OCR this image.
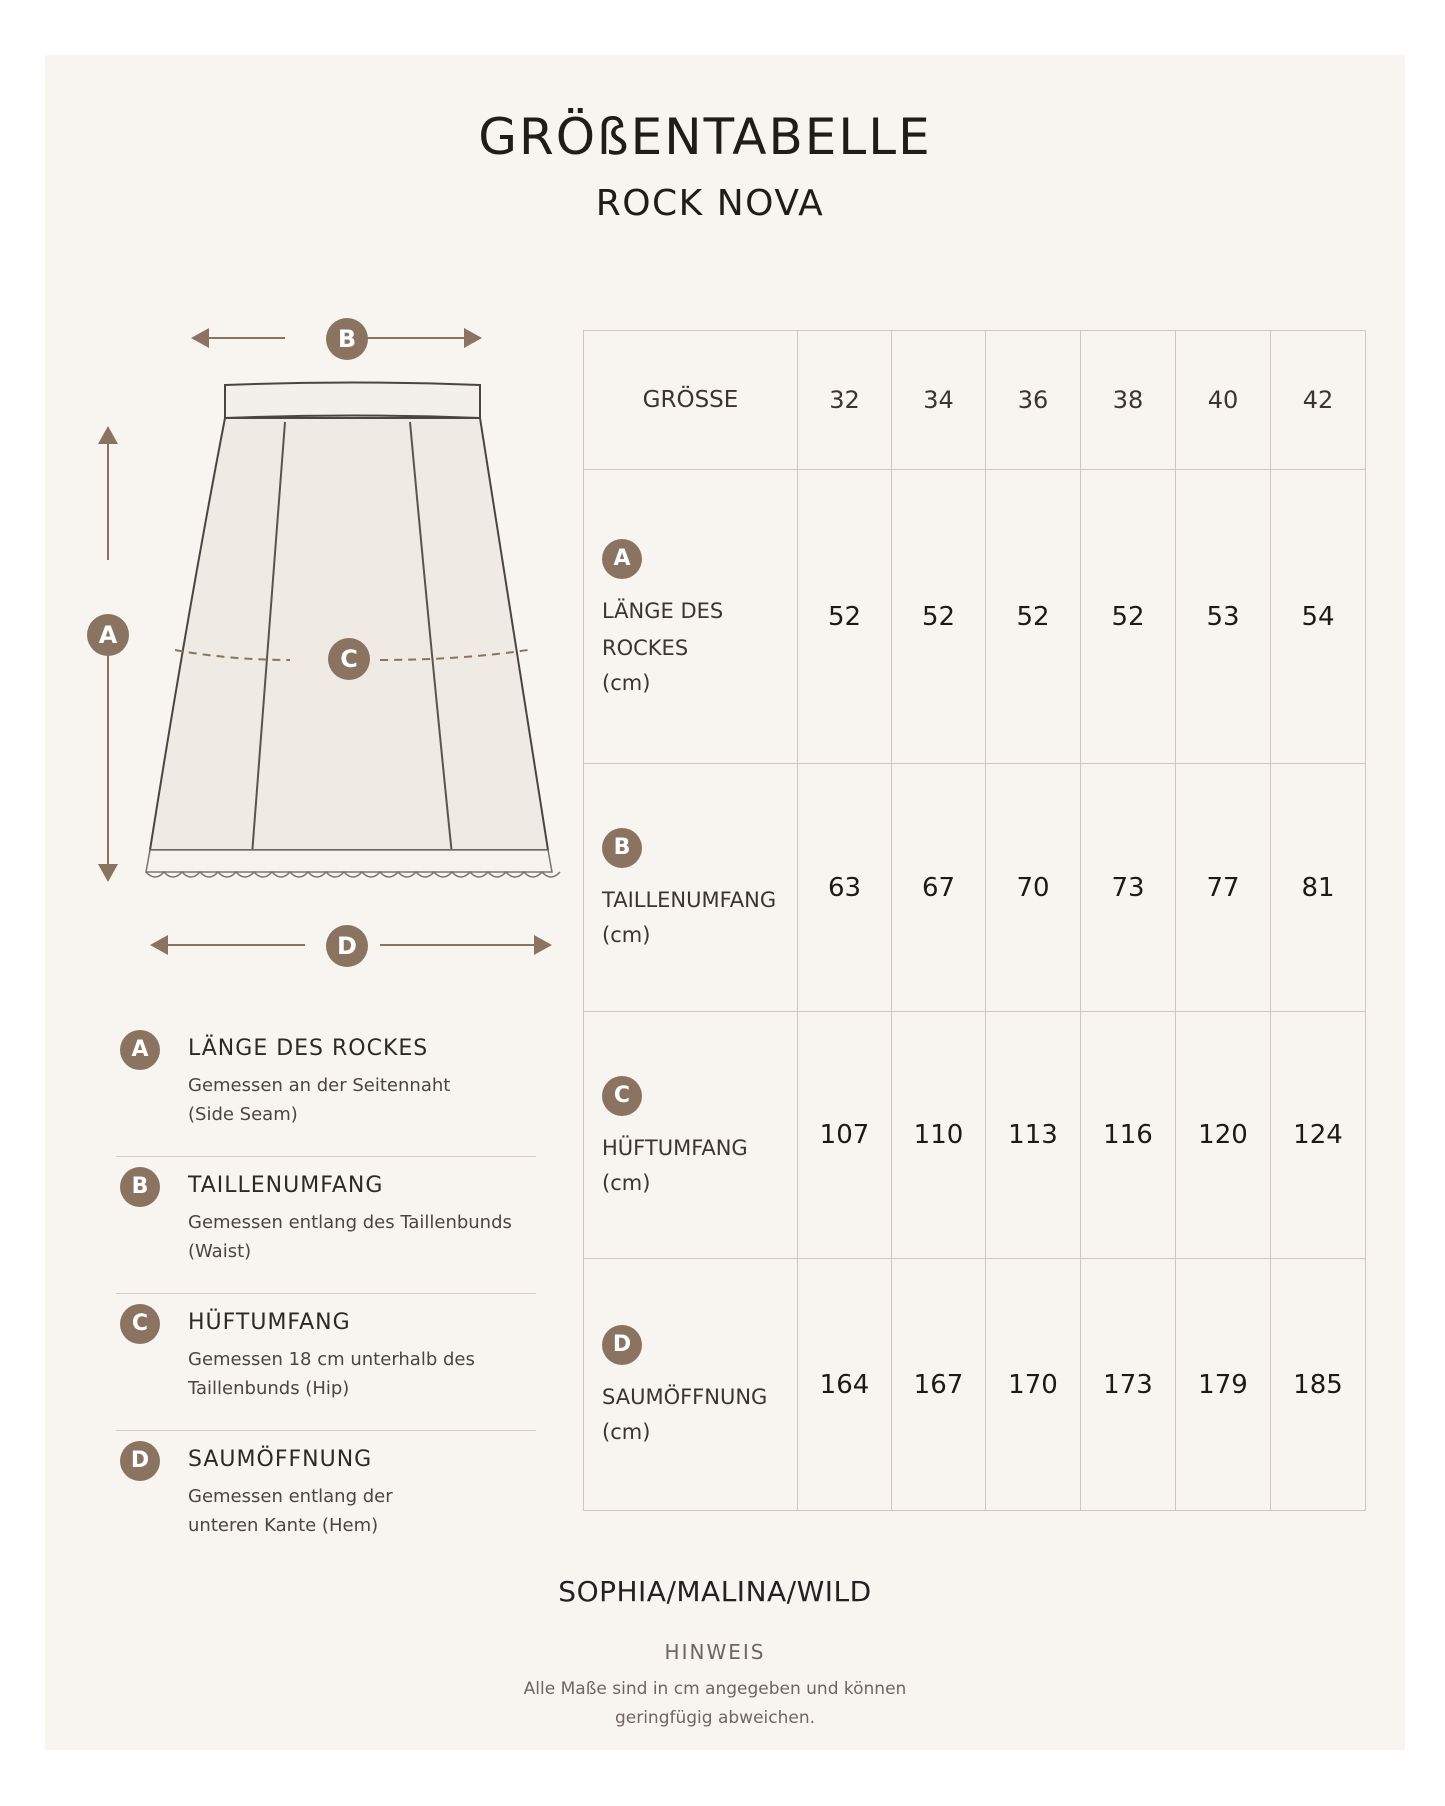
GRÖßENTABELLE
ROCK NOVA
B
A
C
D
A	LÄNGE DES ROCKES
Gemessen an der Seitennaht
(Side Seam)
B	TAILLENUMFANG
Gemessen entlang des Taillenbunds
(Waist)
C	HÜFTUMFANG
Gemessen 18 cm unterhalb des
Taillenbunds (Hip)
D	SAUMÖFFNUNG
Gemessen entlang der
unteren Kante (Hem)
GRÖSSE	32	34	36	38	40	42
A
LÄNGE DES
ROCKES
(cm)	52	52	52	52	53	54
B
TAILLENUMFANG
(cm)	63	67	70	73	77	81
C
HÜFTUMFANG
(cm)	107	110	113	116	120	124
D
SAUMÖFFNUNG
(cm)	164	167	170	173	179	185
SOPHIA/MALINA/WILD
HINWEIS
Alle Maße sind in cm angegeben und können
geringfügig abweichen.
